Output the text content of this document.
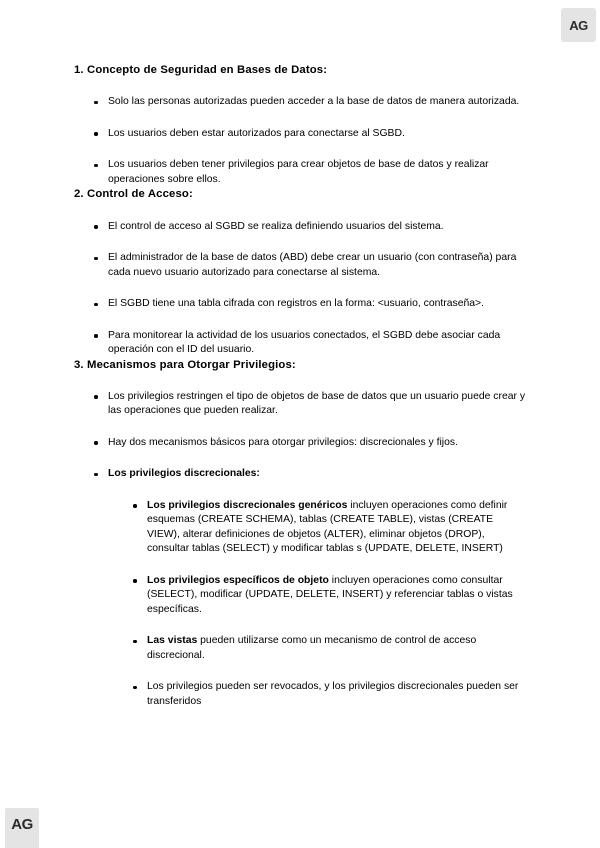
AG
1. Concepto de Seguridad en Bases de Datos:
Solo las personas autorizadas pueden acceder a la base de datos de manera autorizada.
Los usuarios deben estar autorizados para conectarse al SGBD.
Los usuarios deben tener privilegios para crear objetos de base de datos y realizar operaciones sobre ellos.
2. Control de Acceso:
El control de acceso al SGBD se realiza definiendo usuarios del sistema.
El administrador de la base de datos (ABD) debe crear un usuario (con contraseña) para cada nuevo usuario autorizado para conectarse al sistema.
El SGBD tiene una tabla cifrada con registros en la forma: <usuario, contraseña>.
Para monitorear la actividad de los usuarios conectados, el SGBD debe asociar cada operación con el ID del usuario.
3. Mecanismos para Otorgar Privilegios:
Los privilegios restringen el tipo de objetos de base de datos que un usuario puede crear y las operaciones que pueden realizar.
Hay dos mecanismos básicos para otorgar privilegios: discrecionales y fijos.
Los privilegios discrecionales:
Los privilegios discrecionales genéricos incluyen operaciones como definir esquemas (CREATE SCHEMA), tablas (CREATE TABLE), vistas (CREATE VIEW), alterar definiciones de objetos (ALTER), eliminar objetos (DROP), consultar tablas (SELECT) y modificar tablas s (UPDATE, DELETE, INSERT)
Los privilegios específicos de objeto incluyen operaciones como consultar (SELECT), modificar (UPDATE, DELETE, INSERT) y referenciar tablas o vistas específicas.
Las vistas pueden utilizarse como un mecanismo de control de acceso discrecional.
Los privilegios pueden ser revocados, y los privilegios discrecionales pueden ser transferidos
AG
